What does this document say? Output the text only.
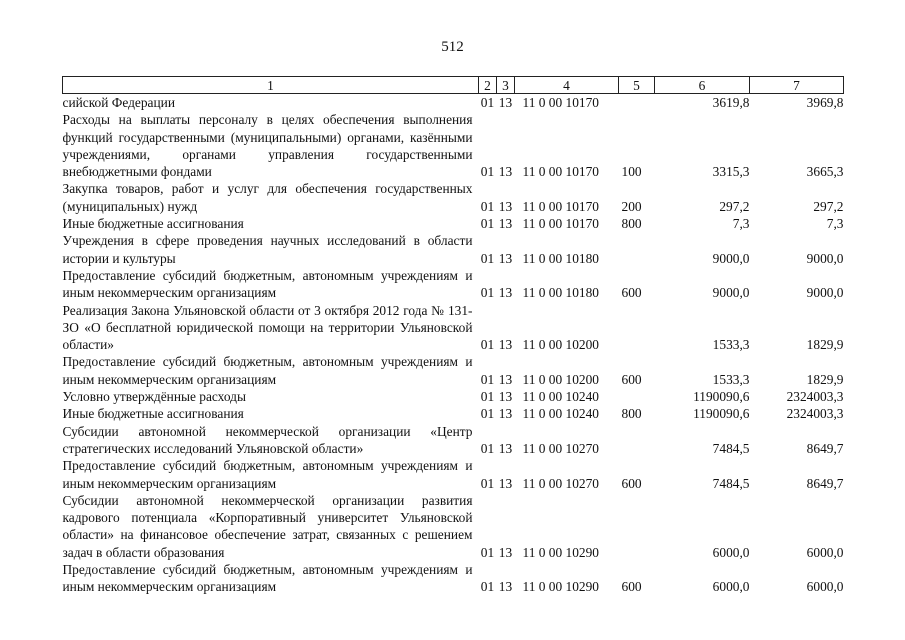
512
1	2	3	4	5	6	7
сийской Федерации	01	13	11 0 00 10170		3619,8	3969,8
Расходы на выплаты персоналу в целях обеспечения выполнения функций государственными (муниципальными) органами, казёнными учреждениями, органами управления государственными внебюджетными фондами	01	13	11 0 00 10170	100	3315,3	3665,3
Закупка товаров, работ и услуг для обеспечения государственных (муниципальных) нужд	01	13	11 0 00 10170	200	297,2	297,2
Иные бюджетные ассигнования	01	13	11 0 00 10170	800	7,3	7,3
Учреждения в сфере проведения научных исследований в области истории и культуры	01	13	11 0 00 10180		9000,0	9000,0
Предоставление субсидий бюджетным, автономным учреждениям и иным некоммерческим организациям	01	13	11 0 00 10180	600	9000,0	9000,0
Реализация Закона Ульяновской области от 3 октября 2012 года № 131-ЗО «О бесплатной юридической помощи на территории Ульяновской области»	01	13	11 0 00 10200		1533,3	1829,9
Предоставление субсидий бюджетным, автономным учреждениям и иным некоммерческим организациям	01	13	11 0 00 10200	600	1533,3	1829,9
Условно утверждённые расходы	01	13	11 0 00 10240		1190090,6	2324003,3
Иные бюджетные ассигнования	01	13	11 0 00 10240	800	1190090,6	2324003,3
Субсидии автономной некоммерческой организации «Центр стратегических исследований Ульяновской области»	01	13	11 0 00 10270		7484,5	8649,7
Предоставление субсидий бюджетным, автономным учреждениям и иным некоммерческим организациям	01	13	11 0 00 10270	600	7484,5	8649,7
Субсидии автономной некоммерческой организации развития кадрового потенциала «Корпоративный университет Ульяновской области» на финансовое обеспечение затрат, связанных с решением задач в области образования	01	13	11 0 00 10290		6000,0	6000,0
Предоставление субсидий бюджетным, автономным учреждениям и иным некоммерческим организациям	01	13	11 0 00 10290	600	6000,0	6000,0
